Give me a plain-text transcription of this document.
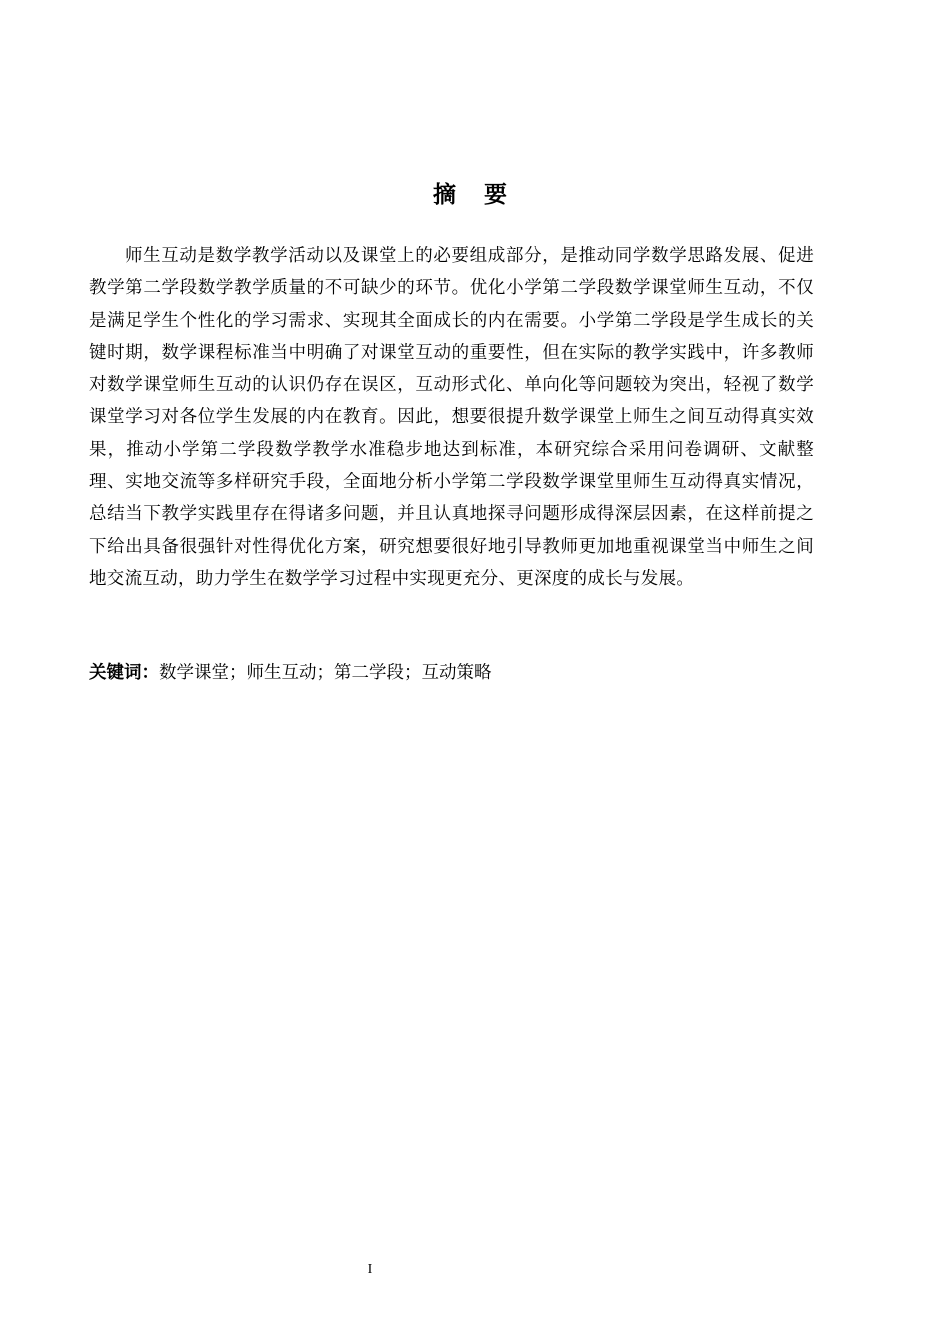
摘 要

师生互动是数学教学活动以及课堂上的必要组成部分，是推动同学数学思路发展、促进教学第二学段数学教学质量的不可缺少的环节。优化小学第二学段数学课堂师生互动，不仅是满足学生个性化的学习需求、实现其全面成长的内在需要。小学第二学段是学生成长的关键时期，数学课程标准当中明确了对课堂互动的重要性，但在实际的教学实践中，许多教师对数学课堂师生互动的认识仍存在误区，互动形式化、单向化等问题较为突出，轻视了数学课堂学习对各位学生发展的内在教育。因此，想要很提升数学课堂上师生之间互动得真实效果，推动小学第二学段数学教学水准稳步地达到标准，本研究综合采用问卷调研、文献整理、实地交流等多样研究手段，全面地分析小学第二学段数学课堂里师生互动得真实情况，总结当下教学实践里存在得诸多问题，并且认真地探寻问题形成得深层因素，在这样前提之下给出具备很强针对性得优化方案，研究想要很好地引导教师更加地重视课堂当中师生之间地交流互动，助力学生在数学学习过程中实现更充分、更深度的成长与发展。

关键词：数学课堂；师生互动；第二学段；互动策略

I
